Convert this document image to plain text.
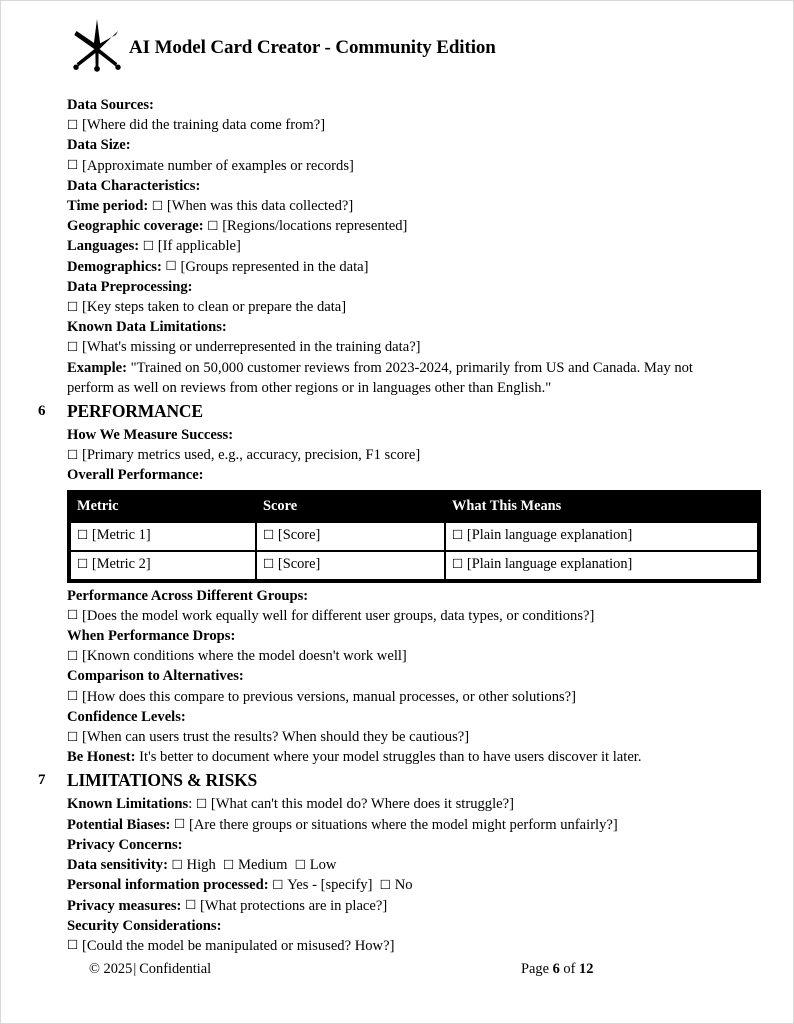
AI Model Card Creator - Community Edition
Data Sources:
☐ [Where did the training data come from?]
Data Size:
☐ [Approximate number of examples or records]
Data Characteristics:
Time period: ☐ [When was this data collected?]
Geographic coverage: ☐ [Regions/locations represented]
Languages: ☐ [If applicable]
Demographics: ☐ [Groups represented in the data]
Data Preprocessing:
☐ [Key steps taken to clean or prepare the data]
Known Data Limitations:
☐ [What's missing or underrepresented in the training data?]
Example: "Trained on 50,000 customer reviews from 2023-2024, primarily from US and Canada. May not perform as well on reviews from other regions or in languages other than English."
6	PERFORMANCE
How We Measure Success:
☐ [Primary metrics used, e.g., accuracy, precision, F1 score]
Overall Performance:
Metric	Score	What This Means
☐ [Metric 1]	☐ [Score]	☐ [Plain language explanation]
☐ [Metric 2]	☐ [Score]	☐ [Plain language explanation]
Performance Across Different Groups:
☐ [Does the model work equally well for different user groups, data types, or conditions?]
When Performance Drops:
☐ [Known conditions where the model doesn't work well]
Comparison to Alternatives:
☐ [How does this compare to previous versions, manual processes, or other solutions?]
Confidence Levels:
☐ [When can users trust the results? When should they be cautious?]
Be Honest: It's better to document where your model struggles than to have users discover it later.
7	LIMITATIONS & RISKS
Known Limitations: ☐ [What can't this model do? Where does it struggle?]
Potential Biases: ☐ [Are there groups or situations where the model might perform unfairly?]
Privacy Concerns:
Data sensitivity: ☐ High ☐ Medium ☐ Low
Personal information processed: ☐ Yes - [specify] ☐ No
Privacy measures: ☐ [What protections are in place?]
Security Considerations:
☐ [Could the model be manipulated or misused? How?]
© 2025| Confidential	Page 6 of 12
